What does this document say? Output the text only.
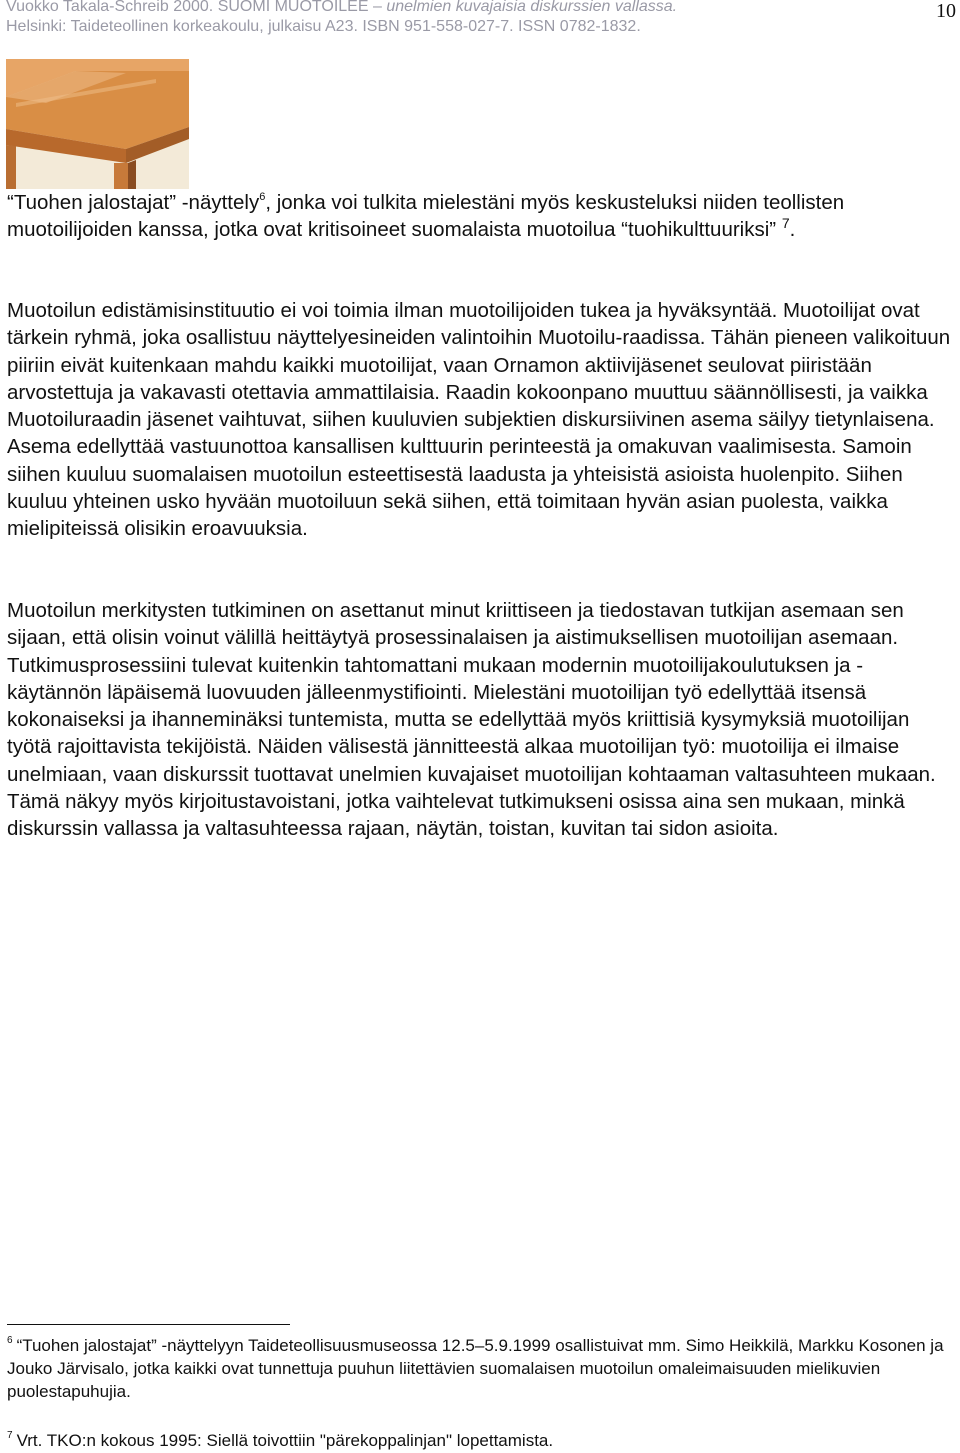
Vuokko Takala-Schreib 2000. SUOMI MUOTOILEE – unelmien kuvajaisia diskurssien vallassa.
Helsinki: Taideteollinen korkeakoulu, julkaisu A23. ISBN 951-558-027-7. ISSN 0782-1832.
10

“Tuohen jalostajat” -näyttely$^6$, jonka voi tulkita mielestäni myös keskusteluksi niiden teollisten muotoilijoiden kanssa, jotka ovat kritisoineet suomalaista muotoilua “tuohikulttuuriksi” $^7$.

Muotoilun edistämisinstituutio ei voi toimia ilman muotoilijoiden tukea ja hyväksyntää. Muotoilijat ovat tärkein ryhmä, joka osallistuu näyttelyesineiden valintoihin Muotoilu-raadissa. Tähän pieneen valikoituun piiriin eivät kuitenkaan mahdu kaikki muotoilijat, vaan Ornamon aktiivijäsenet seulovat piiristään arvostettuja ja vakavasti otettavia ammattilaisia. Raadin kokoonpano muuttuu säännöllisesti, ja vaikka Muotoiluraadin jäsenet vaihtuvat, siihen kuuluvien subjektien diskursiivinen asema säilyy tietynlaisena. Asema edellyttää vastuunottoa kansallisen kulttuurin perinteestä ja omakuvan vaalimisesta. Samoin siihen kuuluu suomalaisen muotoilun esteettisestä laadusta ja yhteisistä asioista huolenpito. Siihen kuuluu yhteinen usko hyvään muotoiluun sekä siihen, että toimitaan hyvän asian puolesta, vaikka mielipiteissä olisikin eroavuuksia.

Muotoilun merkitysten tutkiminen on asettanut minut kriittiseen ja tiedostavan tutkijan asemaan sen sijaan, että olisin voinut välillä heittäytyä prosessinalaisen ja aistimuksellisen muotoilijan asemaan. Tutkimusprosessiini tulevat kuitenkin tahtomattani mukaan modernin muotoilijakoulutuksen ja -käytännön läpäisemä luovuuden jälleenmystifiointi. Mielestäni muotoilijan työ edellyttää itsensä kokonaiseksi ja ihanneminäksi tuntemista, mutta se edellyttää myös kriittisiä kysymyksiä muotoilijan työtä rajoittavista tekijöistä. Näiden välisestä jännitteestä alkaa muotoilijan työ: muotoilija ei ilmaise unelmiaan, vaan diskurssit tuottavat unelmien kuvajaiset muotoilijan kohtaaman valtasuhteen mukaan. Tämä näkyy myös kirjoitustavoistani, jotka vaihtelevat tutkimukseni osissa aina sen mukaan, minkä diskurssin vallassa ja valtasuhteessa rajaan, näytän, toistan, kuvitan tai sidon asioita.

$^6$ “Tuohen jalostajat” -näyttelyyn Taideteollisuusmuseossa 12.5–5.9.1999 osallistuivat mm. Simo Heikkilä, Markku Kosonen ja Jouko Järvisalo, jotka kaikki ovat tunnettuja puuhun liitettävien suomalaisen muotoilun omaleimaisuuden mielikuvien puolestapuhujia.

$^7$ Vrt. TKO:n kokous 1995: Siellä toivottiin "pärekoppalinjan" lopettamista.
